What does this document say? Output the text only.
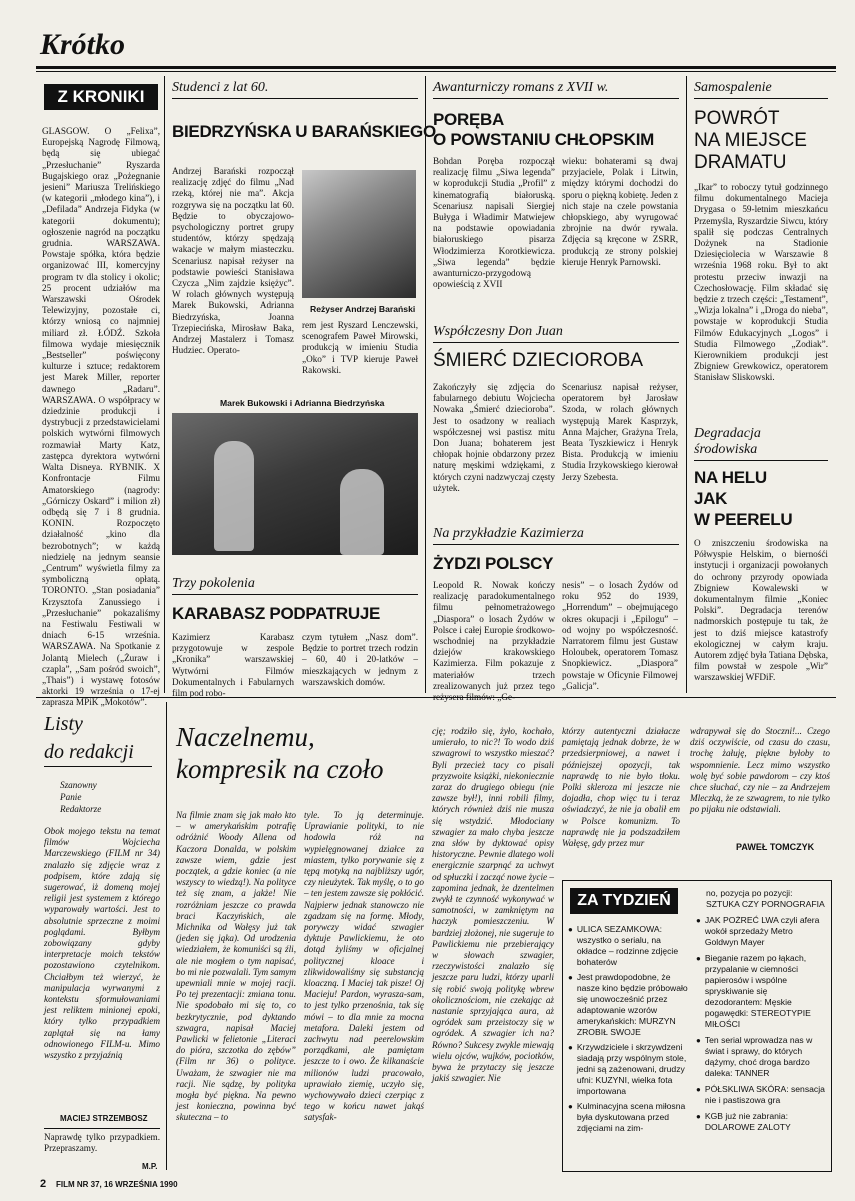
Krótko
Z KRONIKI
GLASGOW. O „Felixa”, Europejską Nagrodę Filmową, będą się ubiegać „Przesłuchanie” Ryszarda Bugajskiego oraz „Pożegnanie jesieni” Mariusza Trelińskiego (w kategorii „młodego kina”), i „Defilada” Andrzeja Fidyka (w kategorii dokumentu); ogłoszenie nagród na początku grudnia. WARSZAWA. Powstaje spółka, która będzie organizować III, komercyjny program tv dla stolicy i okolic; 25 procent udziałów ma Warszawski Ośrodek Telewizyjny, pozostałe ci, którzy wniosą co najmniej miliard zł. ŁÓDŹ. Szkoła filmowa wydaje miesięcznik „Bestseller” poświęcony kulturze i sztuce; redaktorem jest Marek Miller, reporter dawnego „Radaru”. WARSZAWA. O współpracy w dziedzinie produkcji i dystrybucji z przedstawicielami polskich wytwórni filmowych rozmawiał Marty Katz, zastępca dyrektora wytwórni Walta Disneya. RYBNIK. X Konfrontacje Filmu Amatorskiego (nagrody: „Górniczy Oskard” i milion zł) odbędą się 7 i 8 grudnia. KONIN. Rozpoczęto działalność „kino dla bezrobotnych”; w każdą niedzielę na jednym seansie „Centrum” wyświetla filmy za symboliczną opłatą. TORONTO. „Stan posiadania” Krzysztofa Zanussiego i „Przesłuchanie” pokazaliśmy na Festiwalu Festiwali w dniach 6-15 września. WARSZAWA. Na Spotkanie z Jolantą Mielech („Żuraw i czapla”, „Sam pośród swoich”, „Thais”) i wystawę fotosów aktorki 19 września o 17-ej zaprasza MPiK „Mokotów”.
Studenci z lat 60.
BIEDRZYŃSKA U BARAŃSKIEGO
Andrzej Barański rozpoczął realizację zdjęć do filmu „Nad rzeką, której nie ma”. Akcja rozgrywa się na początku lat 60. Będzie to obyczajowo-psychologiczny portret grupy studentów, którzy spędzają wakacje w małym miasteczku. Scenariusz napisał reżyser na podstawie powieści Stanisława Czycza „Nim zajdzie księżyc”. W rolach głównych występują Marek Bukowski, Adrianna Biedrzyńska, Joanna Trzepiecińska, Mirosław Baka, Andrzej Mastalerz i Tomasz Hudziec. Operato-
Reżyser Andrzej Barański
rem jest Ryszard Lenczewski, scenografem Paweł Mirowski, produkcją w imieniu Studia „Oko” i TVP kieruje Paweł Rakowski.
Marek Bukowski i Adrianna Biedrzyńska
Trzy pokolenia
KARABASZ PODPATRUJE
Kazimierz Karabasz przygotowuje w zespole „Kronika” warszawskiej Wytwórni Filmów Dokumentalnych i Fabularnych film pod robo-
czym tytułem „Nasz dom”. Będzie to portret trzech rodzin – 60, 40 i 20-latków – mieszkających w jednym z warszawskich domów.
Awanturniczy romans z XVII w.
PORĘBA
O POWSTANIU CHŁOPSKIM
Bohdan Poręba rozpoczął realizację filmu „Siwa legenda” w koprodukcji Studia „Profil” z kinematografią białoruską. Scenariusz napisali Siergiej Bułyga i Władimir Matwiejew na podstawie opowiadania białoruskiego pisarza Włodzimierza Korotkiewicza. „Siwa legenda” będzie awanturniczo-przygodową opowieścią z XVII
wieku: bohaterami są dwaj przyjaciele, Polak i Litwin, między którymi dochodzi do sporu o piękną kobietę. Jeden z nich staje na czele powstania chłopskiego, aby wyrugować zbrojnie na dwór rywala. Zdjęcia są kręcone w ZSRR, produkcją ze strony polskiej kieruje Henryk Parnowski.
Współczesny Don Juan
ŚMIERĆ DZIECIOROBA
Zakończyły się zdjęcia do fabularnego debiutu Wojciecha Nowaka „Śmierć dzieciorobа”. Jest to osadzony w realiach współczesnej wsi pastisz mitu Don Juana; bohaterem jest chłopak hojnie obdarzony przez naturę męskimi wdziękami, z których czyni nadzwyczaj częsty użytek.
Scenariusz napisał reżyser, operatorem był Jarosław Szoda, w rolach głównych występują Marek Kasprzyk, Anna Majcher, Grażyna Trela, Beata Tyszkiewicz i Henryk Bista. Produkcją w imieniu Studia Irzykowskiego kierował Jerzy Szebesta.
Na przykładzie Kazimierza
ŻYDZI POLSCY
Leopold R. Nowak kończy realizację paradokumentalnego filmu pełnometrażowego „Diaspora” o losach Żydów w Polsce i całej Europie środkowo-wschodniej na przykładzie dziejów krakowskiego Kazimierza. Film pokazuje z materiałów trzech zrealizowanych już przez tego reżysera filmów: „Ge-
nesis” – o losach Żydów od roku 952 do 1939, „Horrendum” – obejmującego okres okupacji i „Epilogu” – od wojny po współczesność. Narratorem filmu jest Gustaw Holoubek, operatorem Tomasz Snopkiewicz. „Diaspora” powstaje w Oficynie Filmowej „Galicja”.
Samospalenie
POWRÓT
NA MIEJSCE
DRAMATU
„Ikar” to roboczy tytuł godzinnego filmu dokumentalnego Macieja Drygasa o 59-letnim mieszkańcu Przemyśla, Ryszardzie Siwcu, który spalił się podczas Centralnych Dożynek na Stadionie Dziesięciolecia w Warszawie 8 września 1968 roku. Był to akt protestu przeciw inwazji na Czechosłowację. Film składać się będzie z trzech części: „Testament”, „Wizja lokalna” i „Droga do nieba”, powstaje w koprodukcji Studia Filmów Edukacyjnych „Logos” i Studia Filmowego „Zodiak”. Kierownikiem produkcji jest Zbigniew Grewkowicz, operatorem Stanisław Sliskowski.
Degradacja
środowiska
NA HELU
JAK
W PEERELU
O zniszczeniu środowiska na Półwyspie Helskim, o biernośći instytucji i organizacji powołanych do ochrony przyrody opowiada Zbigniew Kowalewski w dokumentalnym filmie „Koniec Polski”. Degradacja terenów nadmorskich postępuje tu tak, że jest to dziś miejsce katastrofy ekologicznej w całym kraju. Autorem zdjęć była Tatiana Dębska, film powstał w zespole „Wir” warszawskiej WFDiF.
Listy
do redakcji
Szanowny
Panie
Redaktorze
Obok mojego tekstu na temat filmów Wojciecha Marczewskiego (FILM nr 34) znalazło się zdjęcie wraz z podpisem, które zdają się sugerować, iż domeną mojej religii jest systemem z którego wyparowały wartości. Jest to absolutnie sprzeczne z moimi poglądami. Byłbym zobowiązany gdyby interpretacje moich tekstów pozostawiono czytelnikom. Chciałbym też wierzyć, że manipulacja wyrwanymi z kontekstu sformułowaniami jest reliktem minionej epoki, który tylko przypadkiem zaplątał się na łamy odnowionego FILM-u. Mimo wszystko z przyjaźnią
MACIEJ STRZEMBOSZ
Naprawdę tylko przypadkiem. Przepraszamy.
M.P.
Naczelnemu,
kompresik na czoło
Na filmie znam się jak mało kto – w amerykańskim potrafię odróżnić Woody Allena od Kaczora Donalda, w polskim zawsze wiem, gdzie jest początek, a gdzie koniec (a nie wszyscy to wiedzą!). Na polityce też się znam, a jakże! Nie rozróżniam jeszcze co prawda braci Kaczyńskich, ale Michnika od Wałęsy już tak (jeden się jąka). Od urodzenia wiedziałem, że komuniści są źli, ale nie mogłem o tym napisać, bo mi nie pozwalali. Tym samym upewniali mnie w mojej racji. Po tej prezentacji: zmiana tonu. Nie spodobało mi się to, co bezkrytycznie, pod dyktando szwagra, napisał Maciej Pawlicki w felietonie „Literaci do pióra, szczotka do zębów” (Film nr 36) o polityce. Uważam, że szwagier nie ma racji. Nie sądzę, by polityka mogła być piękna. Na pewno jest konieczna, powinna być skuteczna – to
tyle. To ją determinuje. Uprawianie polityki, to nie hodowla róż na wypielęgnowanej działce za miastem, tylko porywanie się z tępą motyką na najbliższy ugór, czy nieużytek. Tak myślę, o to go – ten jestem zawsze się pokłócić. Najpierw jednak stanowczo nie zgadzam się na formę. Młody, porywczy widać szwagier dyktuje Pawlickiemu, że oto dotąd żyliśmy w oficjalnej politycznej kloace i zlikwidowaliśmy się substancją kloaczną. I Maciej tak pisze! Oj Macieju! Pardon, wyrasza-sam, to jest tylko przenośnia, tak się mówi – to dla mnie za mocna metafora. Daleki jestem od zachwytu nad peerelowskim porządkami, ale pamiętam jeszcze to i owo. Że kilkanaście milionów ludzi pracowało, uprawiało ziemię, uczyło się, wychowywało dzieci czerpiąc z tego w końcu nawet jakąś satysfak-
cję; rodziło się, żyło, kochało, umierało, to nic?! To wodo dziś szwagrowi to wszystko mieszać? Byli przecież tacy co pisali przyzwoite książki, niekoniecznie zaraz do drugiego obiegu (nie zawsze był!), inni robili filmy, których również dziś nie musza się wstydzić. Młodociany szwagier za mało chyba jeszcze zna słów by dyktować opisy historyczne. Pewnie dlatego woli energicznie szarpnąć za uchwyt od spłuczki i zacząć nowe życie – zapomina jednak, że dzentelmen zwykł te czynność wykonywać w samotności, w zamkniętym na haczyk pomieszczeniu. W bardziej złożonej, nie sugeruje to Pawlickiemu nie przebierający w słowach szwagier, rzeczywistości znalazło się jeszcze paru ludzi, którzy uparli się robić swoją politykę wbrew okolicznościom, nie czekając aż nastanie sprzyjająca aura, aż ogródek sam przeistoczy się w ogródek. A szwagier ich na? Równo? Sukcesy zwykle miewają wielu ojców, wujków, pociotków, bywa że przytaczy się jeszcze jakiś szwagier. Nie
którzy autentyczni działacze pamiętają jednak dobrze, że w przedsierpniowej, a nawet i późniejszej opozycji, tak naprawdę to nie było tłoku. Polki skleroza mi jeszcze nie dojadła, chop więc tu i teraz oświadczyć, że nie ja obalił em w Polsce komunizm. To naprawdę nie ja podszadziłem Wałęsę, gdy przez mur
wdrapywał się do Stoczni!... Czego dziś oczywiście, od czasu do czasu, trochę żałuję, piękne byłoby to wspomnienie. Lecz mimo wszystko wolę być sobie pawdorom – czy ktoś chce słuchać, czy nie – za Andrzejem Mleczką, że ze szwagrem, to nie tylko po pijaku nie odstawiali.
PAWEŁ TOMCZYK
ZA TYDZIEŃ
● ULICA SEZAMKOWA: wszystko o serialu, na okładce – rodzinne zdjęcie bohaterów
● Jest prawdopodobne, że nasze kino będzie próbowało się unowocześnić przez adaptowanie wzorów amerykańskich: MURZYN ZROBIŁ SWOJE
● Krzywdziciele i skrzywdzeni siadają przy wspólnym stole, jedni są zażenowani, drudzy ufni: KUZYNI, wielka fota importowana
● Kulminacyjna scena miłosna była dyskutowana przed zdjęciami na zim-
no, pozycja po pozycji: SZTUKA CZY PORNOGRAFIA
● JAK POŻREĆ LWA czyli afera wokół sprzedaży Metro Goldwyn Mayer
● Bieganie razem po łąkach, przypalanie w ciemności papierosów i wspólne spryskiwanie się dezodorantem: Męskie pogawędki: STEREOTYPIE MIŁOŚCI
● Ten serial wprowadza nas w świat i sprawy, do których dążymy, choć droga bardzo daleka: TANNER
● PÓŁSKLIWA SKÓRA: sensacja nie i pastiszowa gra
● KGB już nie zabrania: DOLAROWE ZALOTY
2 FILM NR 37, 16 WRZEŚNIA 1990
